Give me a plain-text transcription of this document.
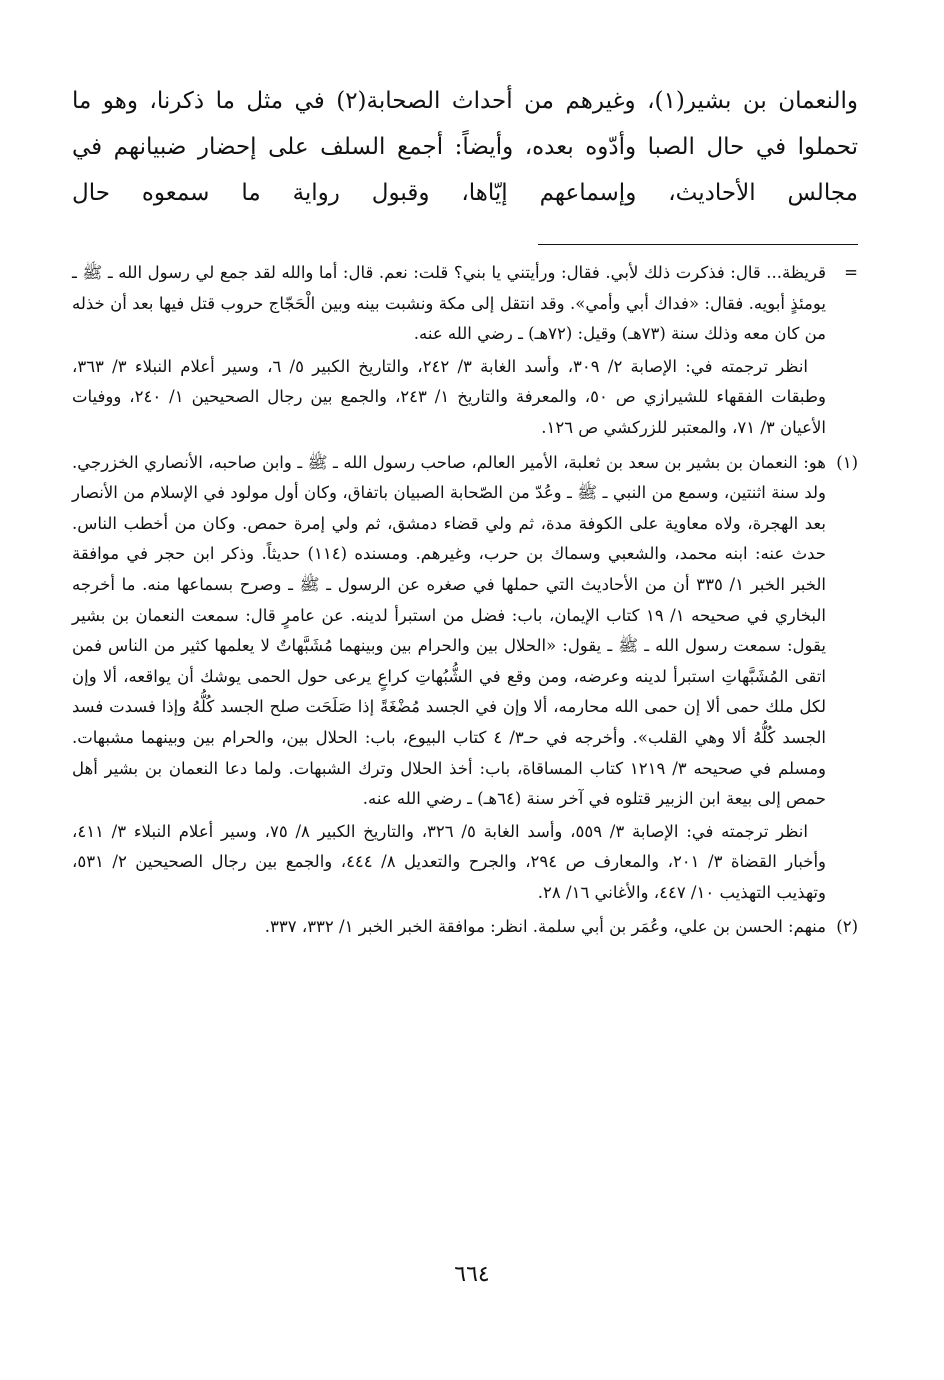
والنعمان بن بشير(١)، وغيرهم من أحداث الصحابة(٢) في مثل ما ذكرنا، وهو ما تحملوا في حال الصبا وأدّوه بعده، وأيضاً: أجمع السلف على إحضار ضبيانهم في مجالس الأحاديث، وإسماعهم إيّاها، وقبول رواية ما سمعوه حال

=

قريظة... قال: فذكرت ذلك لأبي. فقال: ورأيتني يا بني؟ قلت: نعم. قال: أما والله لقد جمع لي رسول الله ـ ﷺ ـ يومئذٍ أبويه. فقال: «فداك أبي وأمي». وقد انتقل إلى مكة ونشبت بينه وبين الْحَجّاج حروب قتل فيها بعد أن خذله من كان معه وذلك سنة (٧٣هـ) وقيل: (٧٢هـ) ـ رضي الله عنه.

انظر ترجمته في: الإصابة ٢/ ٣٠٩، وأسد الغابة ٣/ ٢٤٢، والتاريخ الكبير ٥/ ٦، وسير أعلام النبلاء ٣/ ٣٦٣، وطبقات الفقهاء للشيرازي ص ٥٠، والمعرفة والتاريخ ١/ ٢٤٣، والجمع بين رجال الصحيحين ١/ ٢٤٠، ووفيات الأعيان ٣/ ٧١، والمعتبر للزركشي ص ١٢٦.

(١)

هو: النعمان بن بشير بن سعد بن ثعلبة، الأمير العالم، صاحب رسول الله ـ ﷺ ـ وابن صاحبه، الأنصاري الخزرجي. ولد سنة اثنتين، وسمع من النبي ـ ﷺ ـ وعُدّ من الصّحابة الصبيان باتفاق، وكان أول مولود في الإسلام من الأنصار بعد الهجرة، ولاه معاوية على الكوفة مدة، ثم ولي قضاء دمشق، ثم ولي إمرة حمص. وكان من أخطب الناس. حدث عنه: ابنه محمد، والشعبي وسماك بن حرب، وغيرهم. ومسنده (١١٤) حديثاً. وذكر ابن حجر في موافقة الخبر الخبر ١/ ٣٣٥ أن من الأحاديث التي حملها في صغره عن الرسول ـ ﷺ ـ وصرح بسماعها منه. ما أخرجه البخاري في صحيحه ١/ ١٩ كتاب الإيمان، باب: فضل من استبرأ لدينه. عن عامرٍ قال: سمعت النعمان بن بشير يقول: سمعت رسول الله ـ ﷺ ـ يقول: «الحلال بين والحرام بين وبينهما مُشَبَّهاتٌ لا يعلمها كثير من الناس فمن اتقى المُشَبَّهاتِ استبرأ لدينه وعرضه، ومن وقع في الشُّبُهاتِ كراعٍ يرعى حول الحمى يوشك أن يواقعه، ألا وإن لكل ملك حمى ألا إن حمى الله محارمه، ألا وإن في الجسد مُضْغَةً إذا صَلَحَت صلح الجسد كُلُّهُ وإذا فسدت فسد الجسد كُلُّهُ ألا وهي القلب». وأخرجه في حـ٣/ ٤ كتاب البيوع، باب: الحلال بين، والحرام بين وبينهما مشبهات. ومسلم في صحيحه ٣/ ١٢١٩ كتاب المساقاة، باب: أخذ الحلال وترك الشبهات. ولما دعا النعمان بن بشير أهل حمص إلى بيعة ابن الزبير قتلوه في آخر سنة (٦٤هـ) ـ رضي الله عنه.

انظر ترجمته في: الإصابة ٣/ ٥٥٩، وأسد الغابة ٥/ ٣٢٦، والتاريخ الكبير ٨/ ٧٥، وسير أعلام النبلاء ٣/ ٤١١، وأخبار القضاة ٣/ ٢٠١، والمعارف ص ٢٩٤، والجرح والتعديل ٨/ ٤٤٤، والجمع بين رجال الصحيحين ٢/ ٥٣١، وتهذيب التهذيب ١٠/ ٤٤٧، والأغاني ١٦/ ٢٨.

(٢)

منهم: الحسن بن علي، وعُمَر بن أبي سلمة. انظر: موافقة الخبر الخبر ١/ ٣٣٢، ٣٣٧.

٦٦٤
